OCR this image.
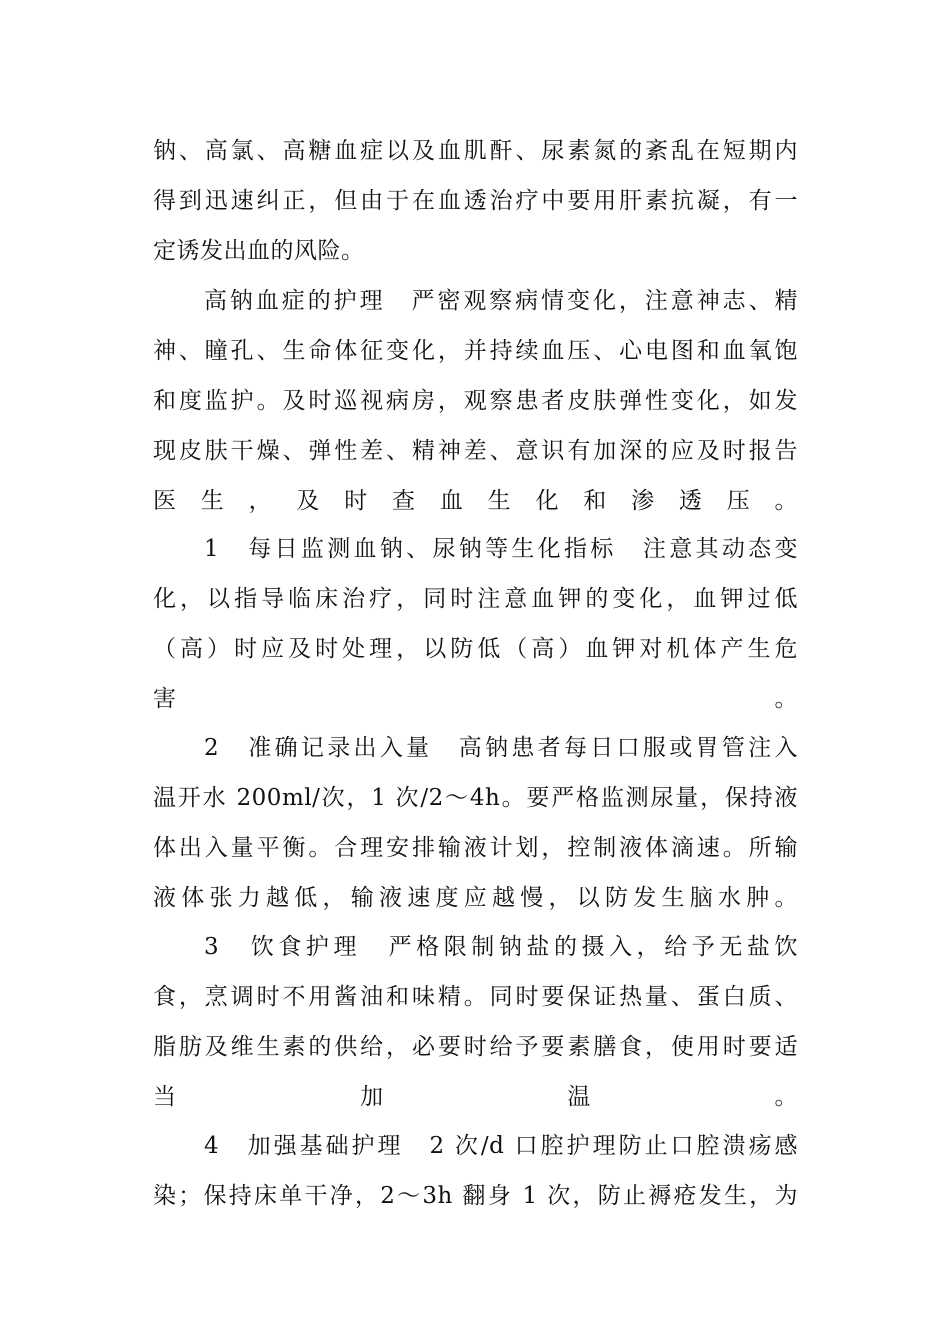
钠、高氯、高糖血症以及血肌酐、尿素氮的紊乱在短期内
得到迅速纠正，但由于在血透治疗中要用肝素抗凝，有一
定诱发出血的风险。
高钠血症的护理　严密观察病情变化，注意神志、精
神、瞳孔、生命体征变化，并持续血压、心电图和血氧饱
和度监护。及时巡视病房，观察患者皮肤弹性变化，如发
现皮肤干燥、弹性差、精神差、意识有加深的应及时报告
医生，及时查血生化和渗透压。
1　每日监测血钠、尿钠等生化指标　注意其动态变
化，以指导临床治疗，同时注意血钾的变化，血钾过低
（高）时应及时处理，以防低（高）血钾对机体产生危
害。
2　准确记录出入量　高钠患者每日口服或胃管注入
温开水 200ml/次，1 次/2～4h。要严格监测尿量，保持液
体出入量平衡。合理安排输液计划，控制液体滴速。所输
液体张力越低，输液速度应越慢，以防发生脑水肿。
3　饮食护理　严格限制钠盐的摄入，给予无盐饮
食，烹调时不用酱油和味精。同时要保证热量、蛋白质、
脂肪及维生素的供给，必要时给予要素膳食，使用时要适
当加温。
4　加强基础护理　2 次/d 口腔护理防止口腔溃疡感
染；保持床单干净，2～3h 翻身 1 次，防止褥疮发生，为
